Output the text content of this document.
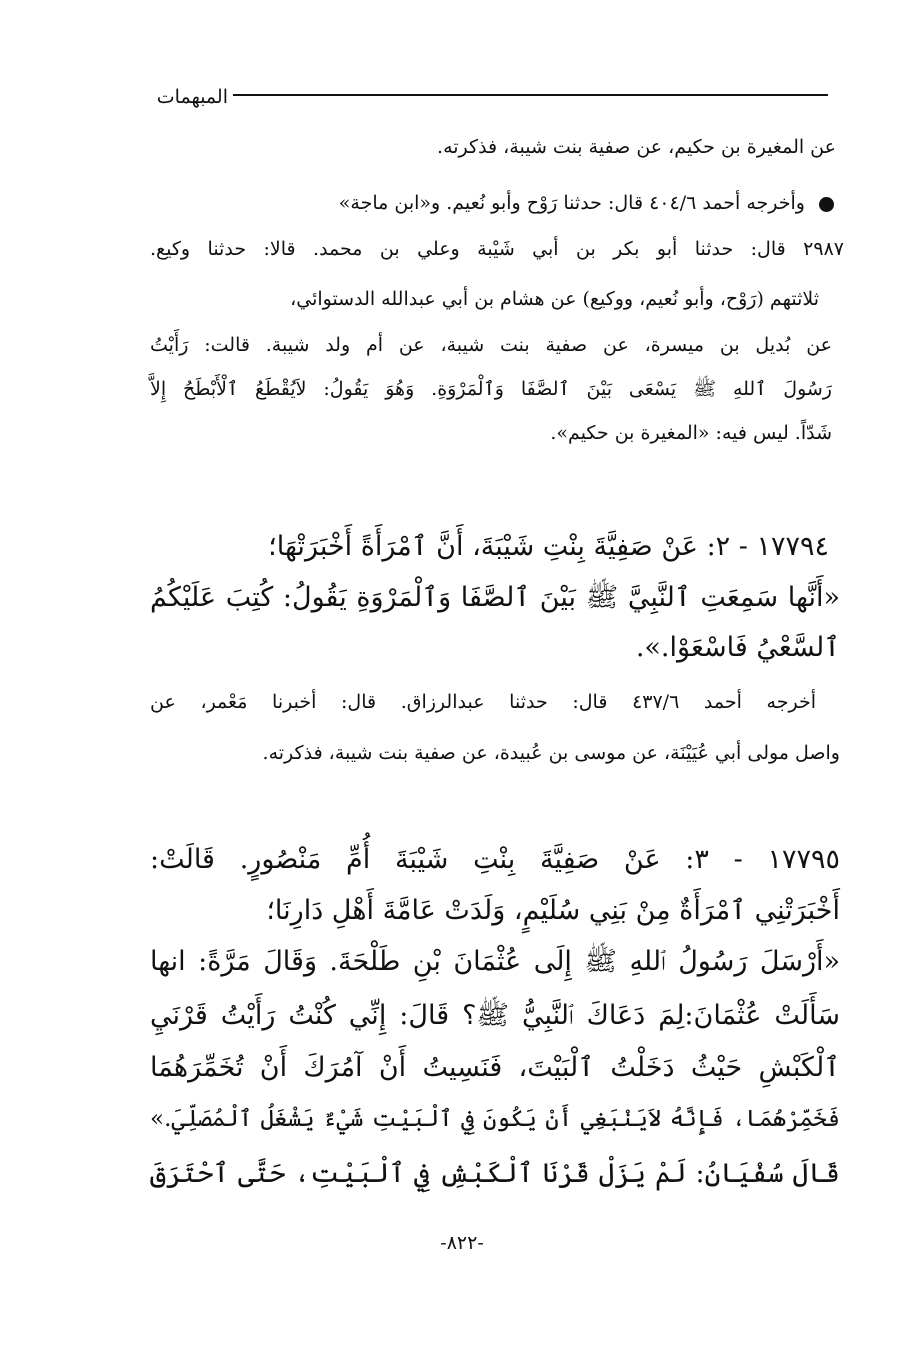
المبهمات
عن المغيرة بن حكيم، عن صفية بنت شيبة، فذكرته.
وأخرجه أحمد ٤٠٤/٦ قال: حدثنا رَوْح وأبو نُعيم. و«ابن ماجة»
٢٩٨٧ قال: حدثنا أبو بكر بن أبي شَيْبة وعلي بن محمد. قالا: حدثنا وكيع.
ثلاثتهم (رَوْح، وأبو نُعيم، ووكيع) عن هشام بن أبي عبدالله الدستوائي،
عن بُديل بن ميسرة، عن صفية بنت شيبة، عن أم ولد شيبة. قالت: رَأَيْتُ
رَسُولَ ٱللهِ ﷺ يَسْعَى بَيْنَ ٱلصَّفَا وَٱلْمَرْوَةِ. وَهُوَ يَقُولُ: لاَيُقْطَعُ ٱلْأَبْطَحُ إِلاَّ
شَدّاً. ليس فيه: «المغيرة بن حكيم».
١٧٧٩٤ - ٢: عَنْ صَفِيَّةَ بِنْتِ شَيْبَةَ، أَنَّ ٱمْرَأَةً أَخْبَرَتْهَا؛
«أَنَّها سَمِعَتِ ٱلنَّبِيَّ ﷺ بَيْنَ ٱلصَّفَا وَٱلْمَرْوَةِ يَقُولُ: كُتِبَ عَلَيْكُمُ
ٱلسَّعْيُ فَاسْعَوْا.».
أخرجه أحمد ٤٣٧/٦ قال: حدثنا عبدالرزاق. قال: أخبرنا مَعْمر، عن
واصل مولى أبي عُيَيْنَة، عن موسى بن عُبيدة، عن صفية بنت شيبة، فذكرته.
١٧٧٩٥ - ٣: عَنْ صَفِيَّةَ بِنْتِ شَيْبَةَ أُمِّ مَنْصُورٍ. قَالَتْ:
أَخْبَرَتْنِي ٱمْرَأَةٌ مِنْ بَنِي سُلَيْمٍ، وَلَدَتْ عَامَّةَ أَهْلِ دَارِنَا؛
«أَرْسَلَ رَسُولُ ٱللهِ ﷺ إِلَى عُثْمَانَ بْنِ طَلْحَةَ. وَقَالَ مَرَّةً: انها
سَأَلَتْ عُثْمَانَ:لِمَ دَعَاكَ ٱلنَّبِيُّ ﷺ؟ قَالَ: إِنِّي كُنْتُ رَأَيْتُ قَرْنَيِ
ٱلْكَبْشِ حَيْثُ دَخَلْتُ ٱلْبَيْتَ، فَنَسِيتُ أَنْ آمُرَكَ أَنْ تُخَمِّرَهُمَا
فَخَمِّرْهُمَا، فَإِنَّهُ لاَيَنْبَغِي أَنْ يَكُونَ فِي ٱلْبَيْتِ شَيْءٌ يَشْغَلُ ٱلْمُصَلِّيَ.»
قَالَ سُفْيَانُ: لَمْ يَزَلْ قَرْنَا ٱلْكَبْشِ فِي ٱلْبَيْتِ، حَتَّى ٱحْتَرَقَ
-٨٢٢-
